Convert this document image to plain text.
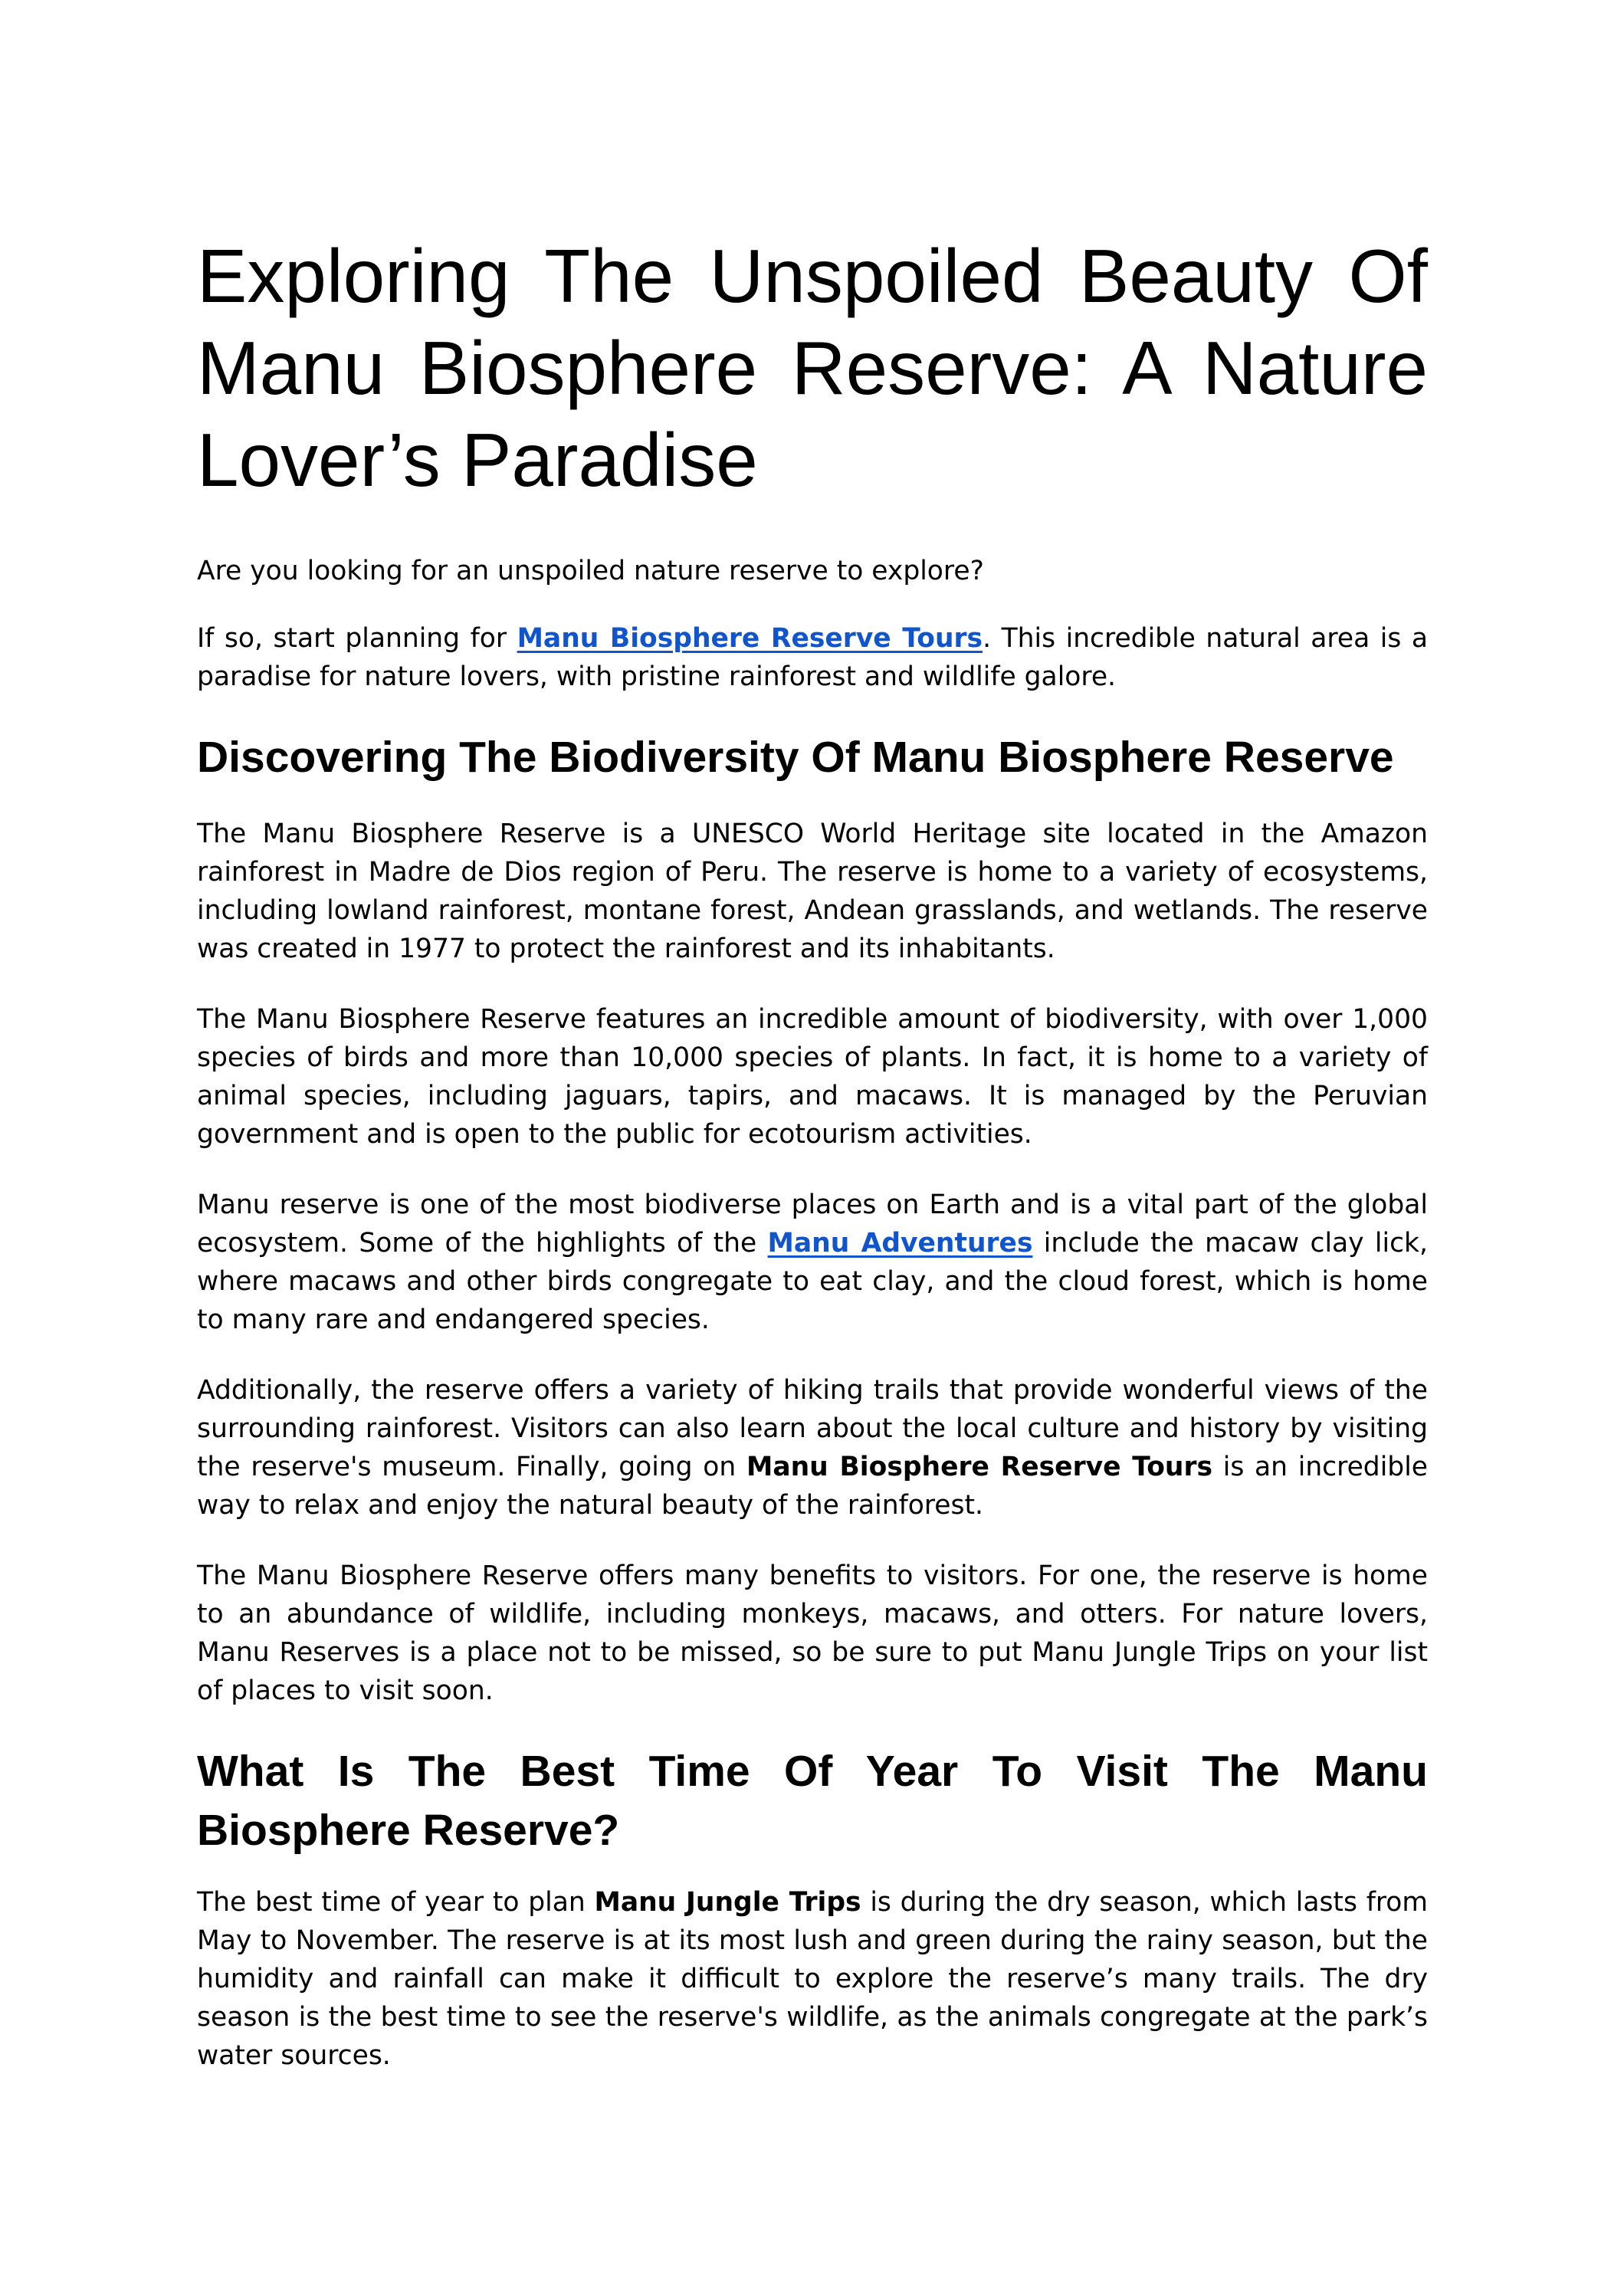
Exploring The Unspoiled Beauty Of Manu Biosphere Reserve: A Nature Lover’s Paradise

Are you looking for an unspoiled nature reserve to explore?

If so, start planning for Manu Biosphere Reserve Tours. This incredible natural area is a paradise for nature lovers, with pristine rainforest and wildlife galore.

Discovering The Biodiversity Of Manu Biosphere Reserve

The Manu Biosphere Reserve is a UNESCO World Heritage site located in the Amazon rainforest in Madre de Dios region of Peru. The reserve is home to a variety of ecosystems, including lowland rainforest, montane forest, Andean grasslands, and wetlands. The reserve was created in 1977 to protect the rainforest and its inhabitants.

The Manu Biosphere Reserve features an incredible amount of biodiversity, with over 1,000 species of birds and more than 10,000 species of plants. In fact, it is home to a variety of animal species, including jaguars, tapirs, and macaws. It is managed by the Peruvian government and is open to the public for ecotourism activities.

Manu reserve is one of the most biodiverse places on Earth and is a vital part of the global ecosystem. Some of the highlights of the Manu Adventures include the macaw clay lick, where macaws and other birds congregate to eat clay, and the cloud forest, which is home to many rare and endangered species.

Additionally, the reserve offers a variety of hiking trails that provide wonderful views of the surrounding rainforest. Visitors can also learn about the local culture and history by visiting the reserve's museum. Finally, going on Manu Biosphere Reserve Tours is an incredible way to relax and enjoy the natural beauty of the rainforest.

The Manu Biosphere Reserve offers many benefits to visitors. For one, the reserve is home to an abundance of wildlife, including monkeys, macaws, and otters. For nature lovers, Manu Reserves is a place not to be missed, so be sure to put Manu Jungle Trips on your list of places to visit soon.

What Is The Best Time Of Year To Visit The Manu Biosphere Reserve?

The best time of year to plan Manu Jungle Trips is during the dry season, which lasts from May to November. The reserve is at its most lush and green during the rainy season, but the humidity and rainfall can make it difficult to explore the reserve’s many trails. The dry season is the best time to see the reserve's wildlife, as the animals congregate at the park’s water sources.
